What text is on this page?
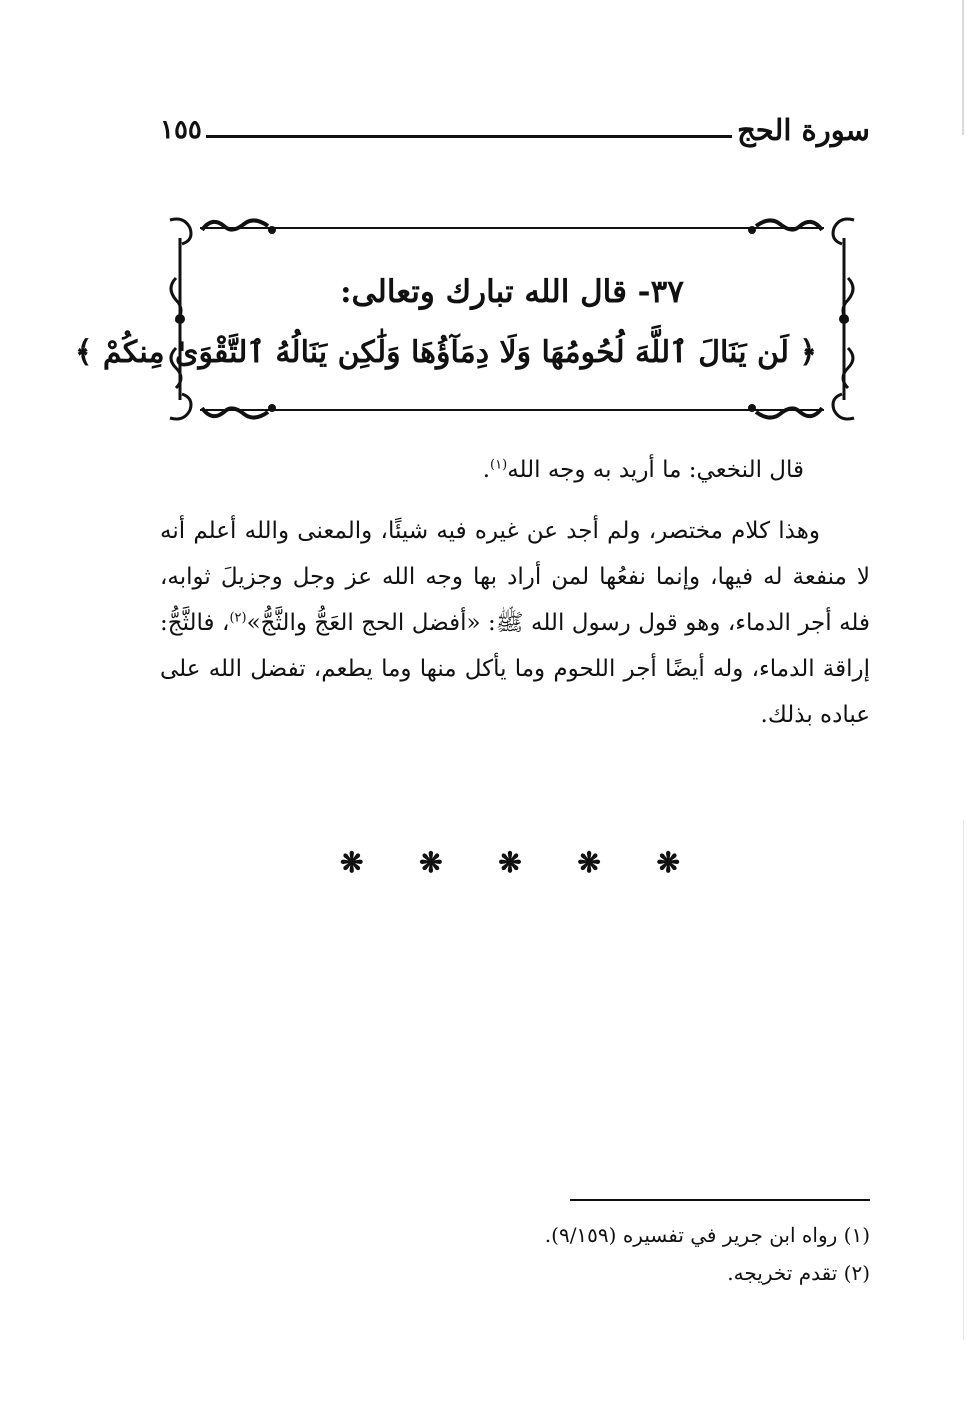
سورة الحج
١٥٥
٣٧- قال الله تبارك وتعالى:
﴿ لَن يَنَالَ ٱللَّهَ لُحُومُهَا وَلَا دِمَآؤُهَا وَلَٰكِن يَنَالُهُ ٱلتَّقْوَىٰ مِنكُمْ ﴾
قال النخعي: ما أريد به وجه الله$^{(١)}$.
وهذا كلام مختصر، ولم أجد عن غيره فيه شيئًا، والمعنى والله أعلم أنه لا منفعة له فيها، وإنما نفعُها لمن أراد بها وجه الله عز وجل وجزيلَ ثوابه، فله أجر الدماء، وهو قول رسول الله ﷺ: «أفضل الحج العَجُّ والثَّجُّ»$^{(٢)}$، فالثَّجُّ: إراقة الدماء، وله أيضًا أجر اللحوم وما يأكل منها وما يطعم، تفضل الله على عباده بذلك.
❋ ❋ ❋ ❋ ❋
(١) رواه ابن جرير في تفسيره (٩/١٥٩).
(٢) تقدم تخريجه.
